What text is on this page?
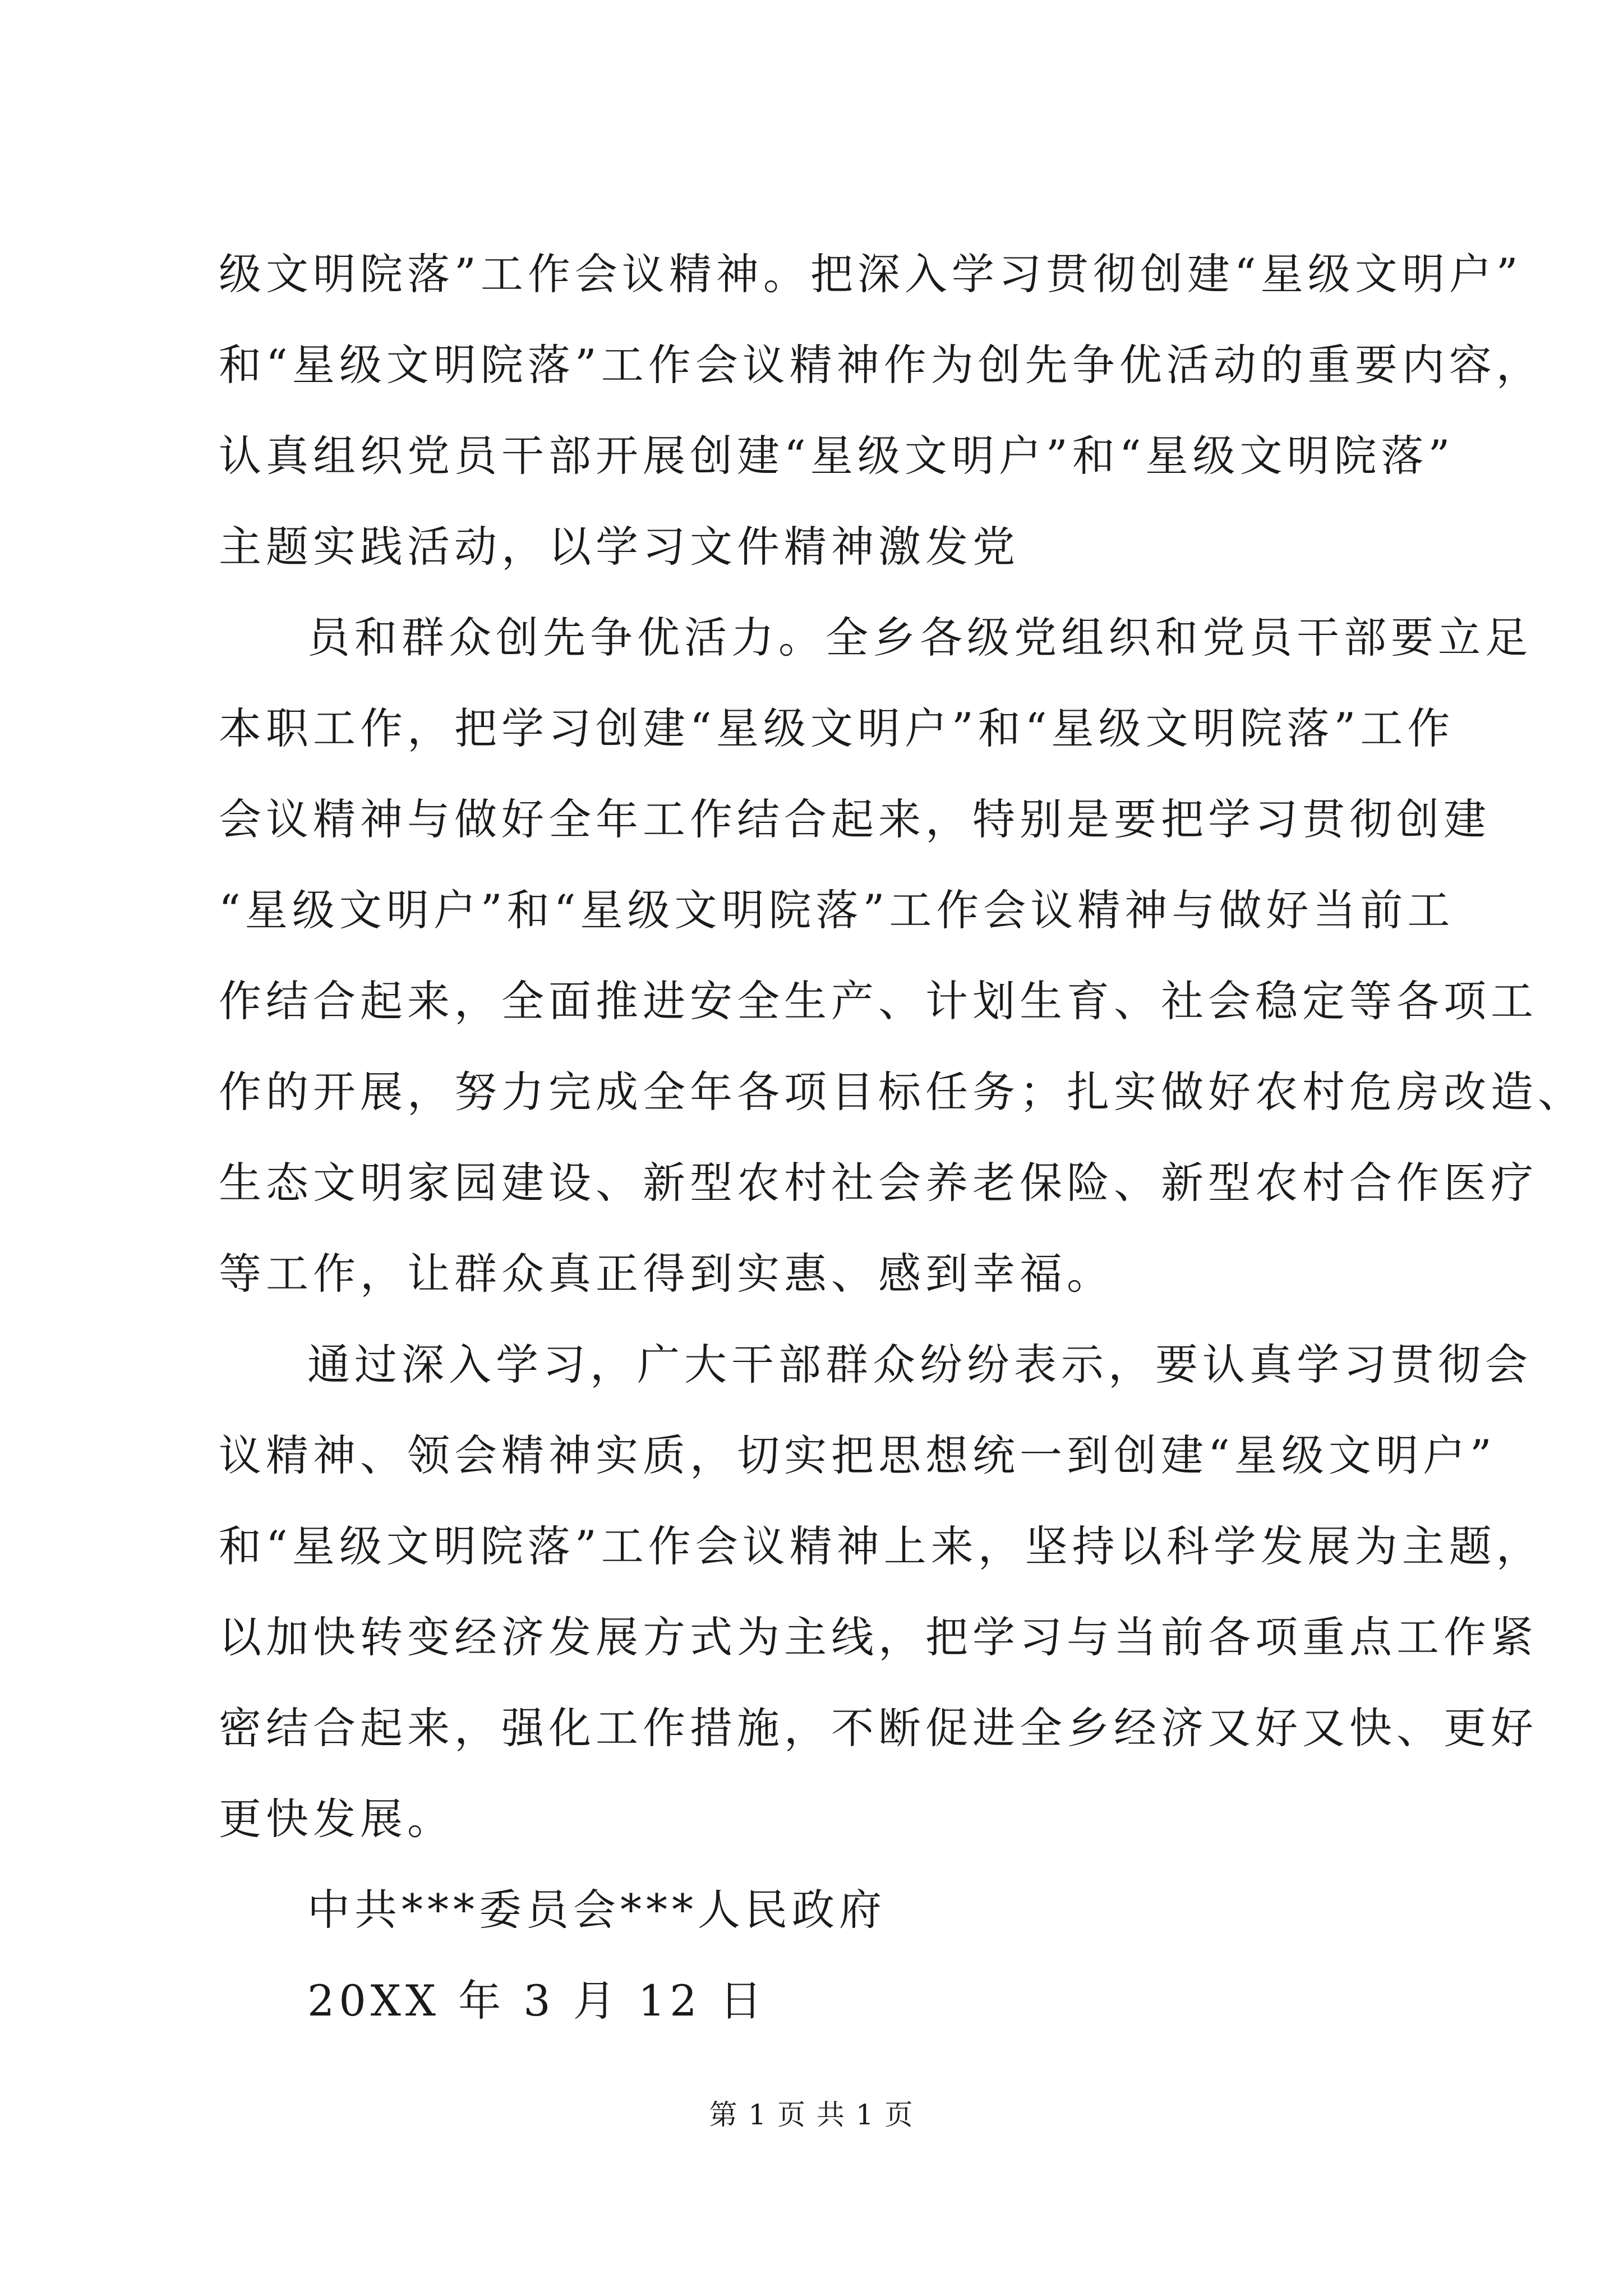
级文明院落”工作会议精神。把深入学习贯彻创建“星级文明户”
和“星级文明院落”工作会议精神作为创先争优活动的重要内容，
认真组织党员干部开展创建“星级文明户”和“星级文明院落”
主题实践活动，以学习文件精神激发党
员和群众创先争优活力。全乡各级党组织和党员干部要立足
本职工作，把学习创建“星级文明户”和“星级文明院落”工作
会议精神与做好全年工作结合起来，特别是要把学习贯彻创建
“星级文明户”和“星级文明院落”工作会议精神与做好当前工
作结合起来，全面推进安全生产、计划生育、社会稳定等各项工
作的开展，努力完成全年各项目标任务；扎实做好农村危房改造、
生态文明家园建设、新型农村社会养老保险、新型农村合作医疗
等工作，让群众真正得到实惠、感到幸福。
通过深入学习，广大干部群众纷纷表示，要认真学习贯彻会
议精神、领会精神实质，切实把思想统一到创建“星级文明户”
和“星级文明院落”工作会议精神上来，坚持以科学发展为主题，
以加快转变经济发展方式为主线，把学习与当前各项重点工作紧
密结合起来，强化工作措施，不断促进全乡经济又好又快、更好
更快发展。
中共***委员会***人民政府
20XX 年 3 月 12 日
第 1 页 共 1 页
